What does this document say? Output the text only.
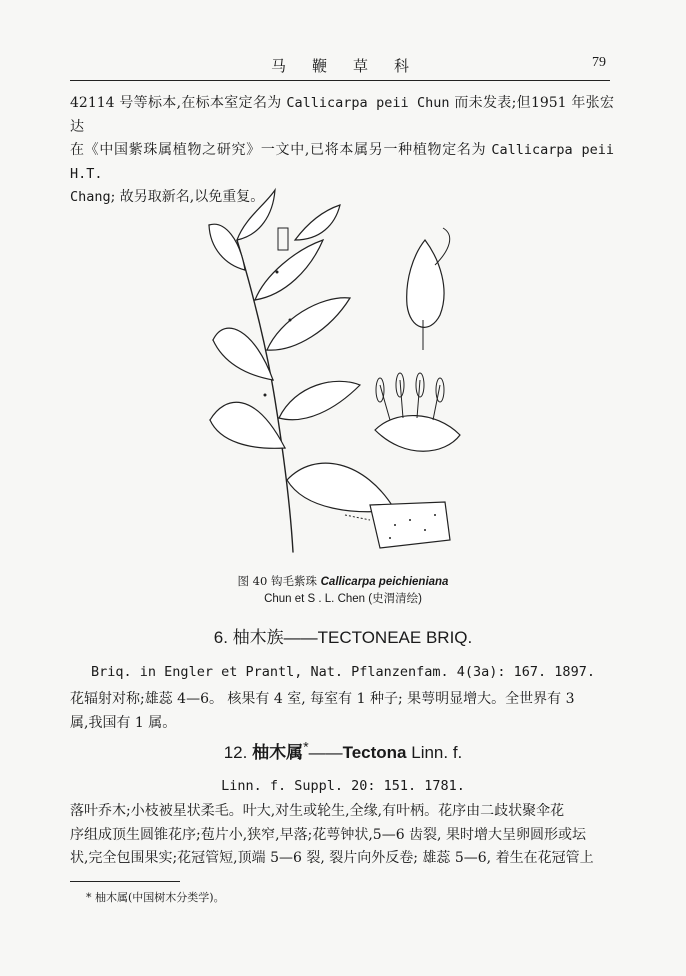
马鞭草科	79

42114 号等标本,在标本室定名为 Callicarpa peii Chun 而未发表;但1951 年张宏达
在《中国紫珠属植物之研究》一文中,已将本属另一种植物定名为 Callicarpa peii H.T.
Chang; 故另取新名,以免重复。

图 40 钩毛紫珠 Callicarpa peichieniana
Chun et S . L. Chen (史渭清绘)
6. 柚木族——TECTONEAE BRIQ.
Briq. in Engler et Prantl, Nat. Pflanzenfam. 4(3a): 167. 1897.

花辐射对称;雄蕊 4—6。 核果有 4 室, 每室有 1 种子; 果萼明显增大。全世界有 3
属,我国有 1 属。

12. 柚木属*——Tectona Linn. f.
Linn. f. Suppl. 20: 151. 1781.

落叶乔木;小枝被星状柔毛。叶大,对生或轮生,全缘,有叶柄。花序由二歧状聚伞花
序组成顶生圆锥花序;苞片小,狭窄,早落;花萼钟状,5—6 齿裂, 果时增大呈卵圆形或坛
状,完全包围果实;花冠管短,顶端 5—6 裂, 裂片向外反卷; 雄蕊 5—6, 着生在花冠管上

* 柚木属(中国树木分类学)。
